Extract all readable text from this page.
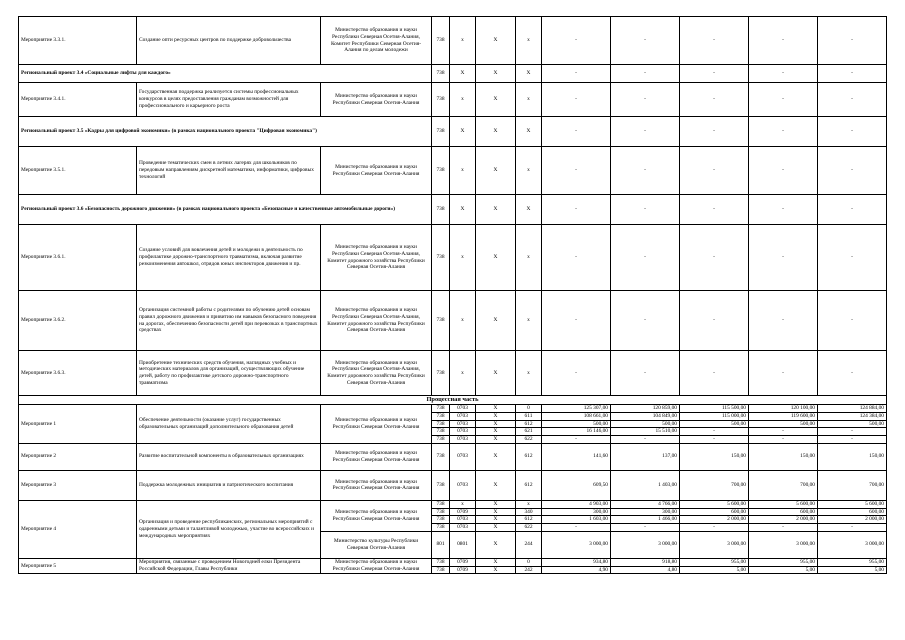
Мероприятие 3.3.1.	Создание опти ресурсных центров по поддержке добровольчества	Министерство образования и науки Республики Северная Осетия-Алания, Комитет Республики Северная Осетия-Алания по делам молодежи	738	х	Х	х	-	-	-	-	-
Региональный проект 3.4 «Социальные лифты для каждого»			738	Х	Х	Х	-	-	-	-	-
Мероприятие 3.4.1.	Государственная поддержка реализуется системы профессиональных конкурсов в целях предоставления гражданам возможностей для профессионального и карьерного роста	Министерство образования и науки Республики Северная Осетия-Алания	738	х	Х	х	-	-	-	-	-
Региональный проект 3.5 «Кадры для цифровой экономики» (в рамках национального проекта "Цифровая экономика")			738	Х	Х	Х	-	-	-	-	-
Мероприятие 3.5.1.	Проведение тематических смен в летних лагерях для школьников по передовым направлениям дискретной математики, информатики, цифровых технологий	Министерство образования и науки Республики Северная Осетия-Алания	738	х	Х	х	-	-	-	-	-
Региональный проект 3.6 «Безопасность дорожного движения» (в рамках национального проекта «Безопасные и качественные автомобильные дороги»)			738	Х	Х	Х	-	-	-	-	-
Мероприятие 3.6.1.	Создание условий для вовлечения детей и молодежи в деятельность по профилактике дорожно-транспортного травматизма, включая развитие резкоизменения автошкол, отрядов юных инспекторов движения и пр.	Министерство образования и науки Республики Северная Осетия-Алания, Комитет дорожного хозяйства Республики Северная Осетия-Алания	738	х	Х	х	-	-	-	-	-
Мероприятие 3.6.2.	Организация системной работы с родителями по обучению детей основам правил дорожного движения и привитию им навыков безопасного поведения на дорогах, обеспечению безопасности детей при перевозках в транспортных средствах	Министерство образования и науки Республики Северная Осетия-Алания, Комитет дорожного хозяйства Республики Северная Осетия-Алания	738	х	Х	х	-	-	-	-	-
Мероприятие 3.6.3.	Приобретение технических средств обучения, наглядных учебных и методических материалов для организаций, осуществляющих обучение детей, работу по профилактике детского дорожно-транспортного травматизма	Министерство образования и науки Республики Северная Осетия-Алания, Комитет дорожного хозяйства Республики Северная Осетия-Алания	738	х	Х	х	-	-	-	-	-
Процессная часть											
Мероприятие 1	Обеспечение деятельности (оказание услуг) государственных образовательных организаций дополнительного образования детей	Министерство образования и науки Республики Северная Осетия-Алания	738	0703	Х	0	125 307,00	120 859,00	115 500,00	120 100,00	124 884,00
			738	0703	Х	611	108 661,00	104 849,00	115 000,00	119 600,00	124 384,00
			738	0703	Х	612	500,00	500,00	500,00	500,00	500,00
			738	0703	Х	621	16 146,00	15 510,00	-	-	-
			738	0703	Х	622	-	-	-	-	-
Мероприятие 2	Развитие воспитательной компоненты в образовательных организациях	Министерство образования и науки Республики Северная Осетия-Алания	738	0703	Х	612	141,60	137,00	150,00	150,00	150,00
Мероприятие 3	Поддержка молодежных инициатив и патриотического воспитания	Министерство образования и науки Республики Северная Осетия-Алания	738	0703	Х	612	609,50	1 403,00	700,00	700,00	700,00
Мероприятие 4	Организация и проведение республиканских, региональных мероприятий с одаренными детьми и талантливой молодежью, участие во всероссийских и международных мероприятиях	Министерство образования и науки Республики Северная Осетия-Алания	738	х	Х	х	4 903,00	4 766,00	5 600,00	5 600,00	5 600,00
			738	0709	Х	340	300,00	300,00	600,00	600,00	600,00
			738	0703	Х	612	1 603,00	1 466,00	2 000,00	2 000,00	2 000,00
			738	0703	Х	622	-	-	-	-	-
		Министерство культуры Республики Северная Осетия-Алания	801	0801	Х	244	3 000,00	3 000,00	3 000,00	3 000,00	3 000,00
Мероприятие 5	Мероприятия, связанные с проведением Новогодней елки Президента Российской Федерации, Главы Республики	Министерство образования и науки Республики Северная Осетия-Алания	738	0709	Х	0	934,80	918,80	955,00	955,00	955,00
			738	0709	Х	242	4,90	4,80	5,00	5,00	5,00
